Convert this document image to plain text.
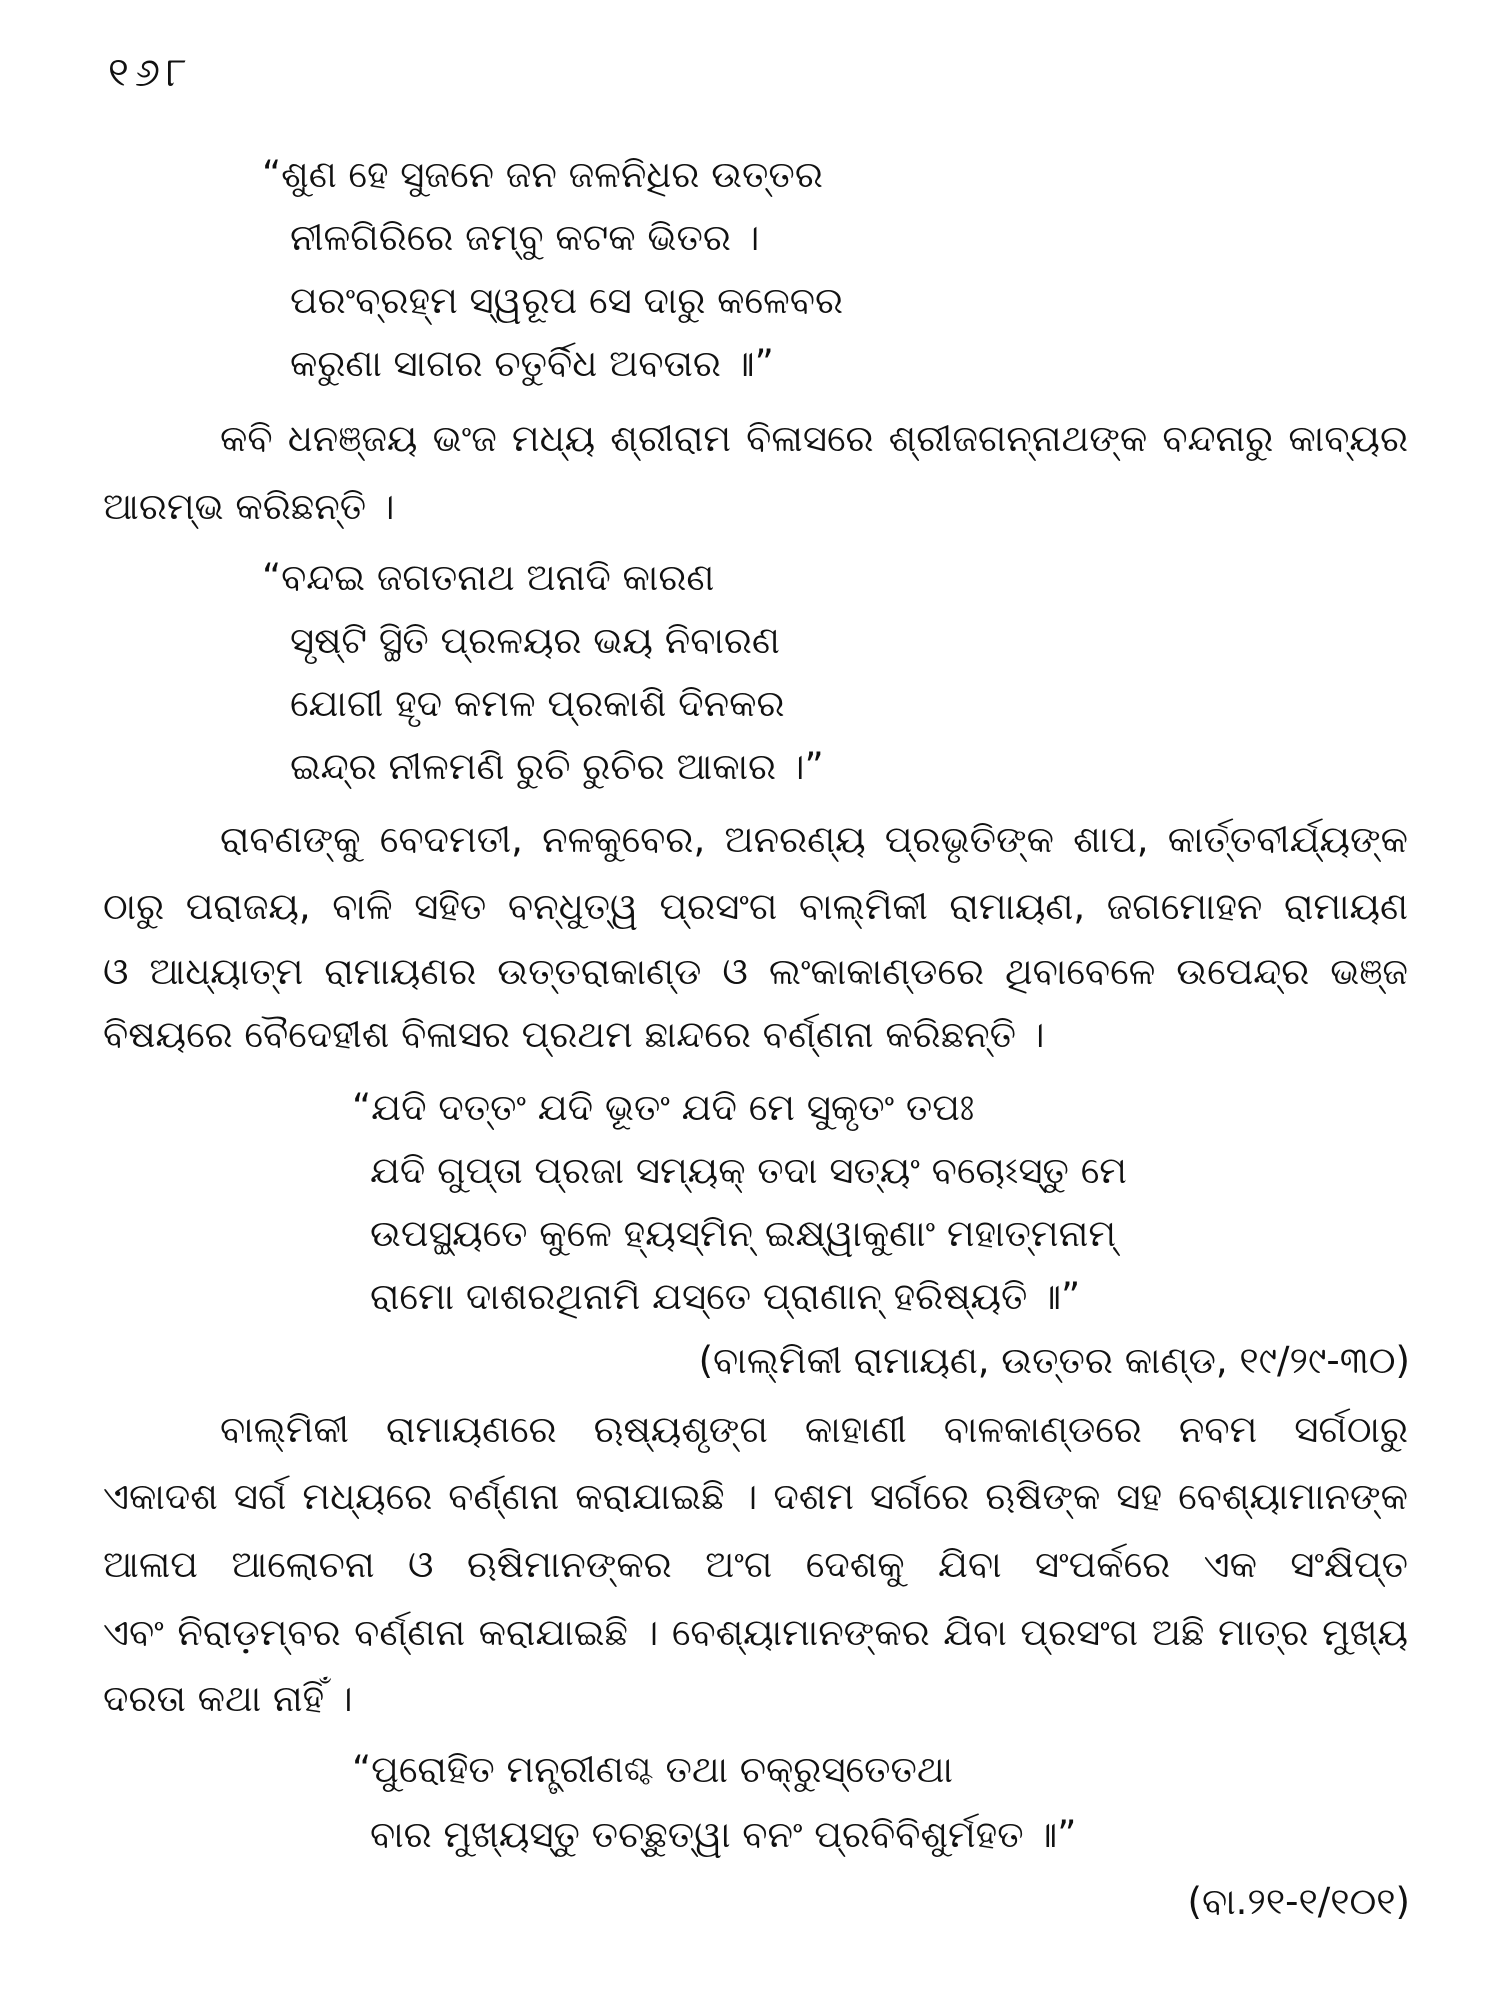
୧୬୮
“ଶୁଣ ହେ ସୁଜନେ ଜନ ଜଳନିଧିର ଉତ୍ତର
ନୀଳଗିରିରେ ଜମ୍ବୁ କଟକ ଭିତର ।
ପରଂବ୍ରହ୍ମ ସ୍ୱରୂପ ସେ ଦାରୁ କଳେବର
କରୁଣା ସାଗର ଚତୁର୍ବିଧ ଅବତାର ॥”
କବି ଧନଞ୍ଜୟ ଭଂଜ ମଧ୍ୟ ଶ୍ରୀରାମ ବିଳାସରେ ଶ୍ରୀଜଗନ୍ନାଥଙ୍କ ବନ୍ଦନାରୁ କାବ୍ୟର
ଆରମ୍ଭ କରିଛନ୍ତି ।
“ବନ୍ଦଇ ଜଗତନାଥ ଅନାଦି କାରଣ
ସୃଷ୍ଟି ସ୍ଥିତି ପ୍ରଳୟର ଭୟ ନିବାରଣ
ଯୋଗୀ ହୃଦ କମଳ ପ୍ରକାଶି ଦିନକର
ଇନ୍ଦ୍ର ନୀଳମଣି ରୁଚି ରୁଚିର ଆକାର ।”
ରାବଣଙ୍କୁ ବେଦମତୀ, ନଳକୁବେର, ଅନରଣ୍ୟ ପ୍ରଭୃତିଙ୍କ ଶାପ, କାର୍ତ୍ତବୀର୍ଯ୍ୟଙ୍କ
ଠାରୁ ପରାଜୟ, ବାଳି ସହିତ ବନ୍ଧୁତ୍ୱ ପ୍ରସଂଗ ବାଲ୍ମିକୀ ରାମାୟଣ, ଜଗମୋହନ ରାମାୟଣ
ଓ ଆଧ୍ୟାତ୍ମ ରାମାୟଣର ଉତ୍ତରାକାଣ୍ଡ ଓ ଲଂକାକାଣ୍ଡରେ ଥିବାବେଳେ ଉପେନ୍ଦ୍ର ଭଞ୍ଜ
ବିଷୟରେ ବୈଦେହୀଶ ବିଳାସର ପ୍ରଥମ ଛାନ୍ଦରେ ବର୍ଣ୍ଣନା କରିଛନ୍ତି ।
“ଯଦି ଦତ୍ତଂ ଯଦି ଭୂତଂ ଯଦି ମେ ସୁକୃତଂ ତପଃ
ଯଦି ଗୁପ୍ତା ପ୍ରଜା ସମ୍ୟକ୍ ତଦା ସତ୍ୟଂ ବଚୋଽସ୍ତୁ ମେ
ଉପସ୍ଥ୍ୟତେ କୁଳେ ହ୍ୟସ୍ମିନ୍ ଇକ୍ଷ୍ୱାକୁଣାଂ ମହାତ୍ମନାମ୍
ରାମୋ ଦାଶରଥିନାମି ଯସ୍ତେ ପ୍ରାଣାନ୍ ହରିଷ୍ୟତି ॥”
(ବାଲ୍ମିକୀ ରାମାୟଣ, ଉତ୍ତର କାଣ୍ଡ, ୧୯/୨୯-୩୦)
ବାଲ୍ମିକୀ ରାମାୟଣରେ ଋଷ୍ୟଶୃଙ୍ଗ କାହାଣୀ ବାଳକାଣ୍ଡରେ ନବମ ସର୍ଗଠାରୁ
ଏକାଦଶ ସର୍ଗ ମଧ୍ୟରେ ବର୍ଣ୍ଣନା କରାଯାଇଛି । ଦଶମ ସର୍ଗରେ ଋଷିଙ୍କ ସହ ବେଶ୍ୟାମାନଙ୍କ
ଆଳାପ ଆଲୋଚନା ଓ ଋଷିମାନଙ୍କର ଅଂଗ ଦେଶକୁ ଯିବା ସଂପର୍କରେ ଏକ ସଂକ୍ଷିପ୍ତ
ଏବଂ ନିରାଡ଼ମ୍ବର ବର୍ଣ୍ଣନା କରାଯାଇଛି । ବେଶ୍ୟାମାନଙ୍କର ଯିବା ପ୍ରସଂଗ ଅଛି ମାତ୍ର ମୁଖ୍ୟ
ଦରତା କଥା ନାହିଁ ।
“ପୁରୋହିତ ମନ୍ତ୍ରୀଣଶ୍ଚ ତଥା ଚକ୍ରୁସ୍ତେତଥା
ବାର ମୁଖ୍ୟସ୍ତୁ ତଚ୍ଛୁତ୍ୱା ବନଂ ପ୍ରବିବିଶୁର୍ମହତ ॥”
(ବା.୨୧-୧/୧୦୧)
